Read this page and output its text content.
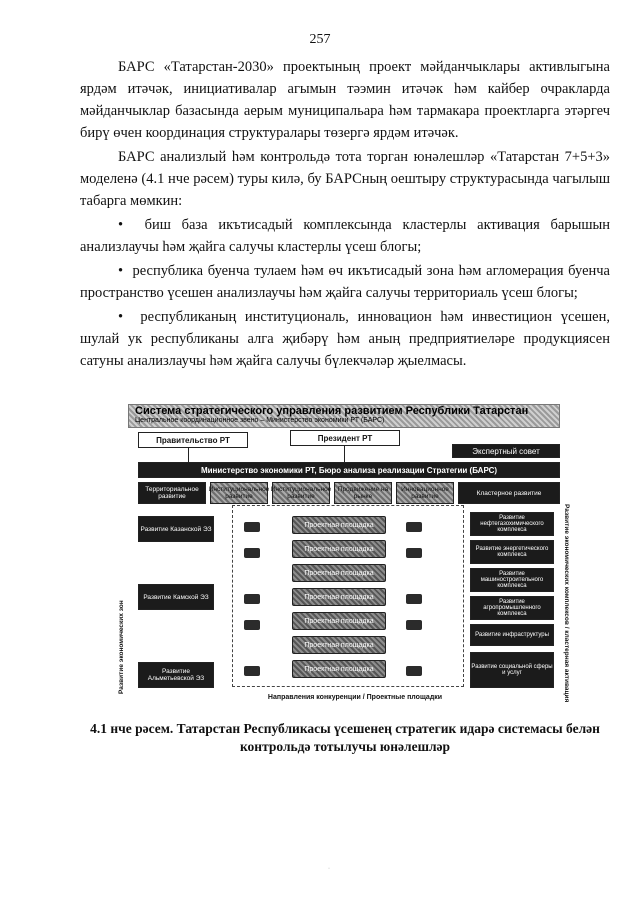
257

БАРС «Татарстан-2030» проектының проект мәйданчыклары активлыгына ярдәм итәчәк, инициативалар агымын тәэмин итәчәк һәм кайбер очракларда мәйданчыклар базасында аерым муниципальара һәм тармакара проектларга этәргеч бирү өчен координация структуралары төзергә ярдәм итәчәк.

БАРС анализлый һәм контрольдә тота торган юнәлешләр «Татарстан 7+5+3» моделенә (4.1 нче рәсем) туры килә, бу БАРСның оештыру структурасында чагылыш табарга мөмкин:

•  биш база икътисадый комплексында кластерлы активация барышын анализлаучы һәм җайга салучы кластерлы үсеш блогы;

•  республика буенча тулаем һәм өч икътисадый зона һәм агломерация буенча пространство үсешен анализлаучы һәм җайга салучы территориаль үсеш блогы;

•  республиканың институциональ, инновацион һәм инвестицион үсешен, шулай ук республиканы алга җибәрү һәм аның предприятиеләре продукциясен сатуны анализлаучы һәм җайга салучы бүлекчәләр җыелмасы.

Система стратегического управления развитием Республики Татарстан
Центральное координационное звено – Министерство экономики РТ (БАРС)
Правительство РТ	Президент РТ
Экспертный совет
Министерство экономики РТ, Бюро анализа реализации Стратегии (БАРС)
Территориальное развитие
Институциональное развитие
Институциональное развитие
Продвижение на рынке
Инновационное развитие	Кластерное развитие
Развитие Казанской ЭЗ
Развитие Камской ЭЗ
Развитие Альметьевской ЭЗ
Проектная площадка
Проектная площадка
Проектная площадка
Проектная площадка
Проектная площадка
Проектная площадка
Проектная площадка
Развитие нефтегазохимического комплекса
Развитие энергетического комплекса
Развитие машиностроительного комплекса
Развитие агропромышленного комплекса
Развитие инфраструктуры
Развитие социальной сферы и услуг
Развитие экономических зон	Развитие экономических комплексов / кластерная активация
Направления конкуренции / Проектные площадки
4.1 нче рәсем. Татарстан Республикасы үсешенең стратегик идарә системасы белән
контрольдә тотылучы юнәлешләр
·
